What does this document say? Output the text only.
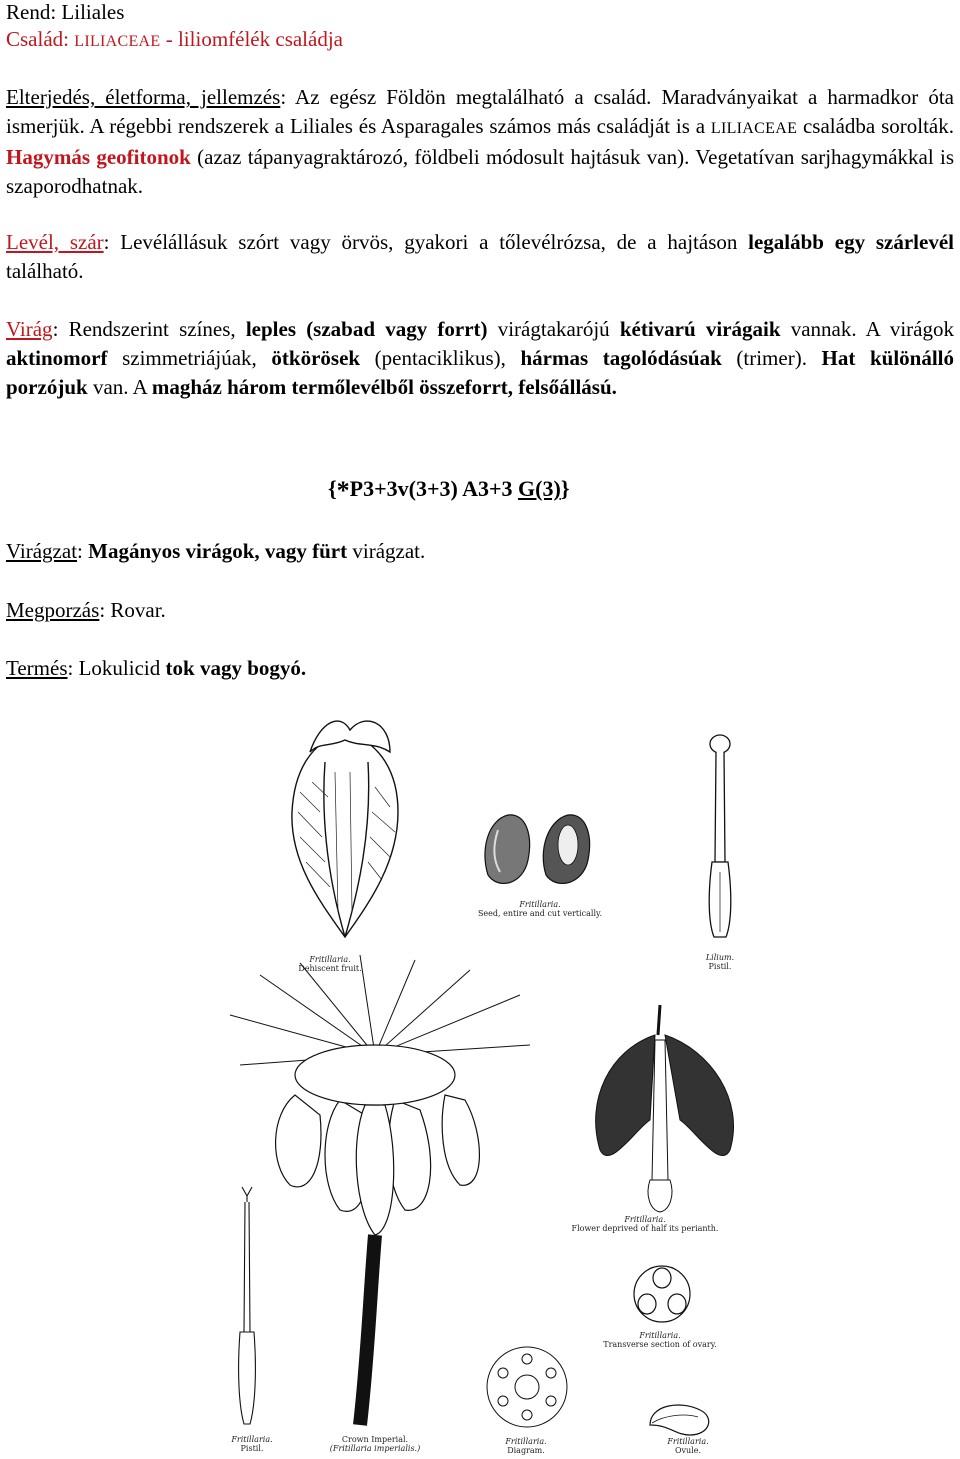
Rend: Liliales
Család: LILIACEAE - liliomfélék családja
Elterjedés, életforma, jellemzés: Az egész Földön megtalálható a család. Maradványaikat a harmadkor óta ismerjük. A régebbi rendszerek a Liliales és Asparagales számos más családját is a LILIACEAE családba sorolták. Hagymás geofitonok (azaz tápanyagraktározó, földbeli módosult hajtásuk van). Vegetatívan sarjhagymákkal is szaporodhatnak.
Levél, szár: Levélállásuk szórt vagy örvös, gyakori a tőlevélrózsa, de a hajtáson legalább egy szárlevél található.
Virág: Rendszerint színes, leples (szabad vagy forrt) virágtakarójú kétivarú virágaik vannak. A virágok aktinomorf szimmetriájúak, ötkörösek (pentaciklikus), hármas tagolódásúak (trimer). Hat különálló porzójuk van. A magház három termőlevélből összeforrt, felsőállású.
{*P3+3v(3+3) A3+3 G(3)}
Virágzat: Magányos virágok, vagy fürt virágzat.
Megporzás: Rovar.
Termés: Lokulicid tok vagy bogyó.
Fritillaria.
Dehiscent fruit.
Fritillaria.
Seed, entire and cut vertically.
Lilium.
Pistil.
Crown Imperial.
(Fritillaria imperialis.)
Fritillaria.
Flower deprived of half its perianth.
Fritillaria.
Transverse section of ovary.
Fritillaria.
Pistil.
Fritillaria.
Diagram.
Fritillaria.
Ovule.
